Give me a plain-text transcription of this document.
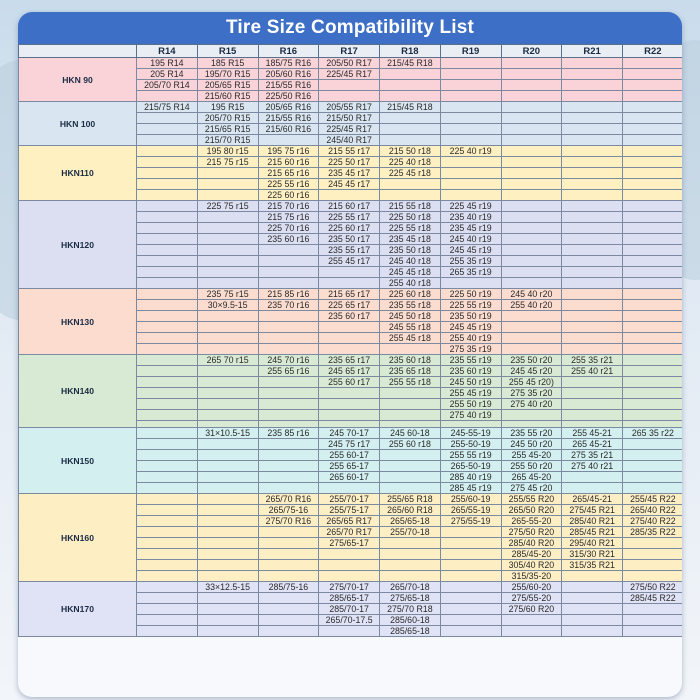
Tire Size Compatibility List
	R14	R15	R16	R17	R18	R19	R20	R21	R22
HKN 90	195 R14	185 R15	185/75 R16	205/50 R17	215/45 R18				
	205 R14	195/70 R15	205/60 R16	225/45 R17					
	205/70 R14	205/65 R15	215/55 R16						
		215/60 R15	225/50 R16						
HKN 100	215/75 R14	195 R15	205/65 R16	205/55 R17	215/45 R18				
		205/70 R15	215/55 R16	215/50 R17					
		215/65 R15	215/60 R16	225/45 R17					
		215/70 R15		245/40 R17					
HKN110		195 80 r15	195 75 r16	215 55 r17	215 50 r18	225 40 r19			
		215 75 r15	215 60 r16	225 50 r17	225 40 r18				
			215 65 r16	235 45 r17	225 45 r18				
			225 55 r16	245 45 r17					
			225 60 r16						
HKN120		225 75 r15	215 70 r16	215 60 r17	215 55 r18	225 45 r19			
			215 75 r16	225 55 r17	225 50 r18	235 40 r19			
			225 70 r16	225 60 r17	225 55 r18	235 45 r19			
			235 60 r16	235 50 r17	235 45 r18	245 40 r19			
				235 55 r17	235 50 r18	245 45 r19			
				255 45 r17	245 40 r18	255 35 r19			
					245 45 r18	265 35 r19			
					255 40 r18				
HKN130		235 75 r15	215 85 r16	215 65 r17	225 60 r18	225 50 r19	245 40 r20		
		30×9.5-15	235 70 r16	225 65 r17	235 55 r18	225 55 r19	255 40 r20		
				235 60 r17	245 50 r18	235 50 r19			
					245 55 r18	245 45 r19			
					255 45 r18	255 40 r19			
						275 35 r19			
HKN140		265 70 r15	245 70 r16	235 65 r17	235 60 r18	235 55 r19	235 50 r20	255 35 r21	
			255 65 r16	245 65 r17	235 65 r18	235 60 r19	245 45 r20	255 40 r21	
				255 60 r17	255 55 r18	245 50 r19	255 45 r20)		
						255 45 r19	275 35 r20		
						255 50 r19	275 40 r20		
						275 40 r19			

HKN150		31×10.5-15	235 85 r16	245 70-17	245 60-18	245-55-19	235 55 r20	255 45-21	265 35 r22
				245 75 r17	255 60 r18	255-50-19	245 50 r20	265 45-21	
				255 60-17		255 55 r19	255 45-20	275 35 r21	
				255 65-17		265-50-19	255 50 r20	275 40 r21	
				265 60-17		285 40 r19	265 45-20		
						285 45 r19	275 45 r20		
HKN160			265/70 R16	255/70-17	255/65 R18	255/60-19	255/55 R20	265/45-21	255/45 R22
			265/75-16	255/75-17	265/60 R18	265/55-19	265/50 R20	275/45 R21	265/40 R22
			275/70 R16	265/65 R17	265/65-18	275/55-19	265-55-20	285/40 R21	275/40 R22
				265/70 R17	255/70-18		275/50 R20	285/45 R21	285/35 R22
				275/65-17			285/40 R20	295/40 R21	
							285/45-20	315/30 R21	
							305/40 R20	315/35 R21	
							315/35-20		
HKN170		33×12.5-15	285/75-16	275/70-17	265/70-18		255/60-20		275/50 R22
				285/65-17	275/65-18		275/55-20		285/45 R22
				285/70-17	275/70 R18		275/60 R20		
				265/70-17.5	285/60-18				
					285/65-18				
